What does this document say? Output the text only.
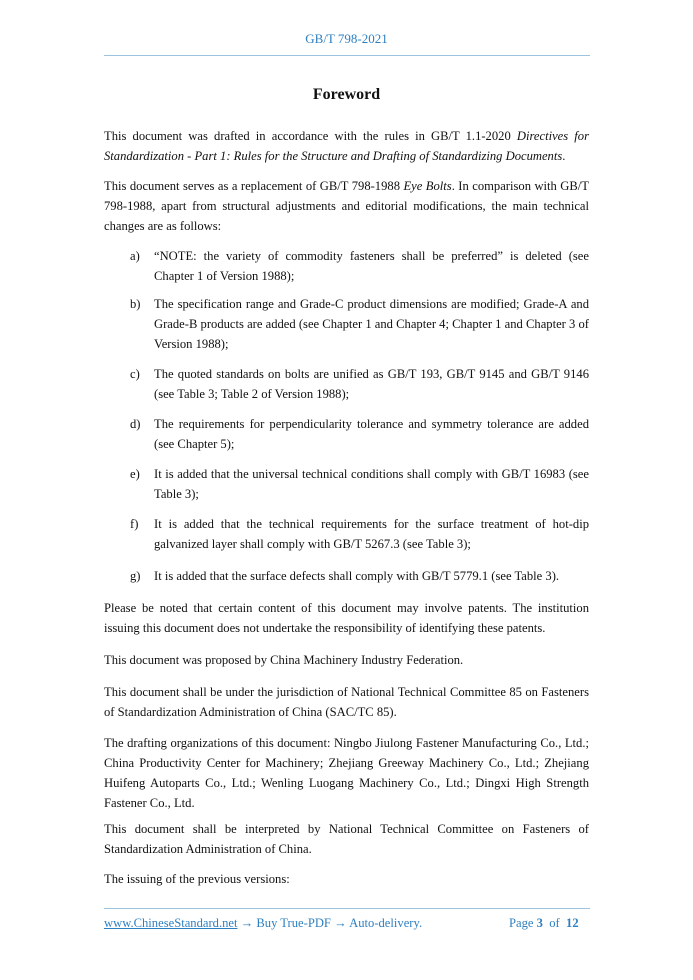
GB/T 798-2021
Foreword
This document was drafted in accordance with the rules in GB/T 1.1-2020 Directives for Standardization - Part 1: Rules for the Structure and Drafting of Standardizing Documents.
This document serves as a replacement of GB/T 798-1988 Eye Bolts. In comparison with GB/T 798-1988, apart from structural adjustments and editorial modifications, the main technical changes are as follows:
a) “NOTE: the variety of commodity fasteners shall be preferred” is deleted (see Chapter 1 of Version 1988);
b) The specification range and Grade-C product dimensions are modified; Grade-A and Grade-B products are added (see Chapter 1 and Chapter 4; Chapter 1 and Chapter 3 of Version 1988);
c) The quoted standards on bolts are unified as GB/T 193, GB/T 9145 and GB/T 9146 (see Table 3; Table 2 of Version 1988);
d) The requirements for perpendicularity tolerance and symmetry tolerance are added (see Chapter 5);
e) It is added that the universal technical conditions shall comply with GB/T 16983 (see Table 3);
f) It is added that the technical requirements for the surface treatment of hot-dip galvanized layer shall comply with GB/T 5267.3 (see Table 3);
g) It is added that the surface defects shall comply with GB/T 5779.1 (see Table 3).
Please be noted that certain content of this document may involve patents. The institution issuing this document does not undertake the responsibility of identifying these patents.
This document was proposed by China Machinery Industry Federation.
This document shall be under the jurisdiction of National Technical Committee 85 on Fasteners of Standardization Administration of China (SAC/TC 85).
The drafting organizations of this document: Ningbo Jiulong Fastener Manufacturing Co., Ltd.; China Productivity Center for Machinery; Zhejiang Greeway Machinery Co., Ltd.; Zhejiang Huifeng Autoparts Co., Ltd.; Wenling Luogang Machinery Co., Ltd.; Dingxi High Strength Fastener Co., Ltd.
This document shall be interpreted by National Technical Committee on Fasteners of Standardization Administration of China.
The issuing of the previous versions:
www.ChineseStandard.net → Buy True-PDF → Auto-delivery.	Page 3 of 12
